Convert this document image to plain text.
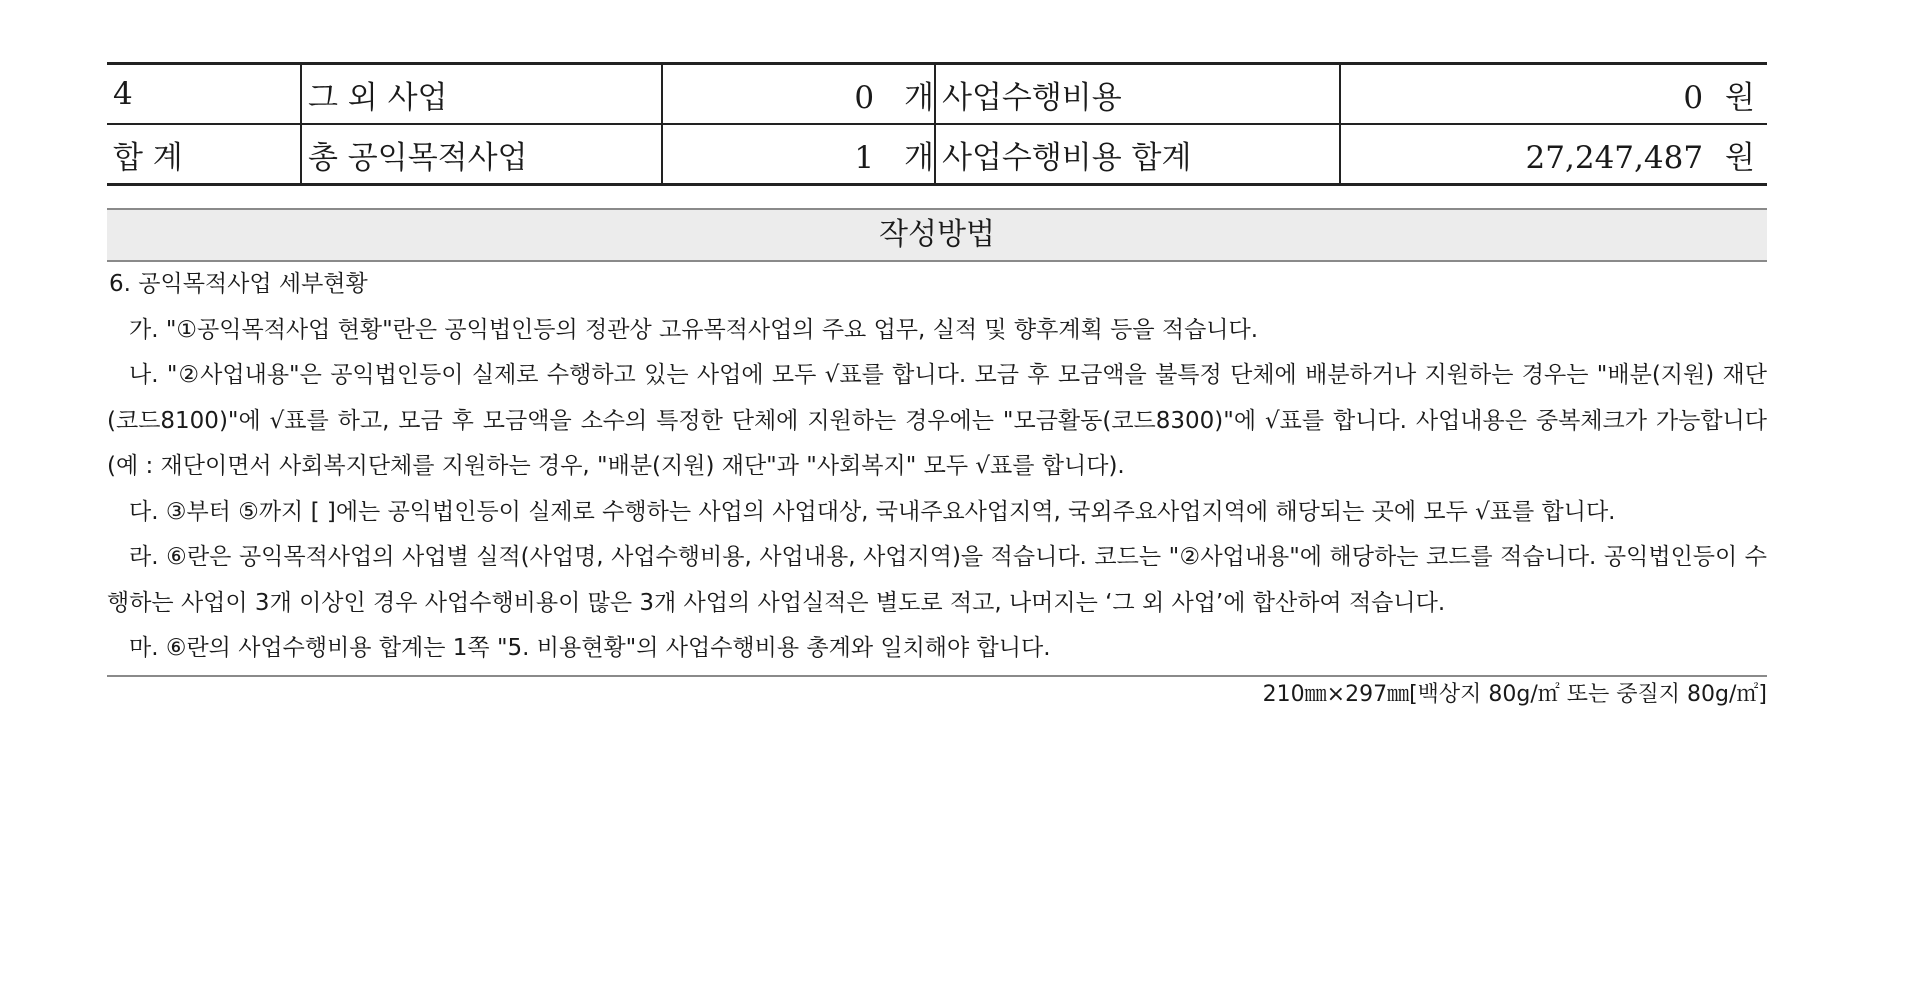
4	그 외 사업	0 개	사업수행비용	0 원
합 계	총 공익목적사업	1 개	사업수행비용 합계	27,247,487 원
작성방법
6. 공익목적사업 세부현황
가. "①공익목적사업 현황"란은 공익법인등의 정관상 고유목적사업의 주요 업무, 실적 및 향후계획 등을 적습니다.
나. "②사업내용"은 공익법인등이 실제로 수행하고 있는 사업에 모두 √표를 합니다. 모금 후 모금액을 불특정 단체에 배분하거나 지원하는 경우는 "배분(지원) 재단(코드8100)"에 √표를 하고, 모금 후 모금액을 소수의 특정한 단체에 지원하는 경우에는 "모금활동(코드8300)"에 √표를 합니다. 사업내용은 중복체크가 가능합니다(예 : 재단이면서 사회복지단체를 지원하는 경우, "배분(지원) 재단"과 "사회복지" 모두 √표를 합니다).
다. ③부터 ⑤까지 [ ]에는 공익법인등이 실제로 수행하는 사업의 사업대상, 국내주요사업지역, 국외주요사업지역에 해당되는 곳에 모두 √표를 합니다.
라. ⑥란은 공익목적사업의 사업별 실적(사업명, 사업수행비용, 사업내용, 사업지역)을 적습니다. 코드는 "②사업내용"에 해당하는 코드를 적습니다. 공익법인등이 수행하는 사업이 3개 이상인 경우 사업수행비용이 많은 3개 사업의 사업실적은 별도로 적고, 나머지는 ‘그 외 사업’에 합산하여 적습니다.
마. ⑥란의 사업수행비용 합계는 1쪽 "5. 비용현황"의 사업수행비용 총계와 일치해야 합니다.
210㎜×297㎜[백상지 80g/㎡ 또는 중질지 80g/㎡]
